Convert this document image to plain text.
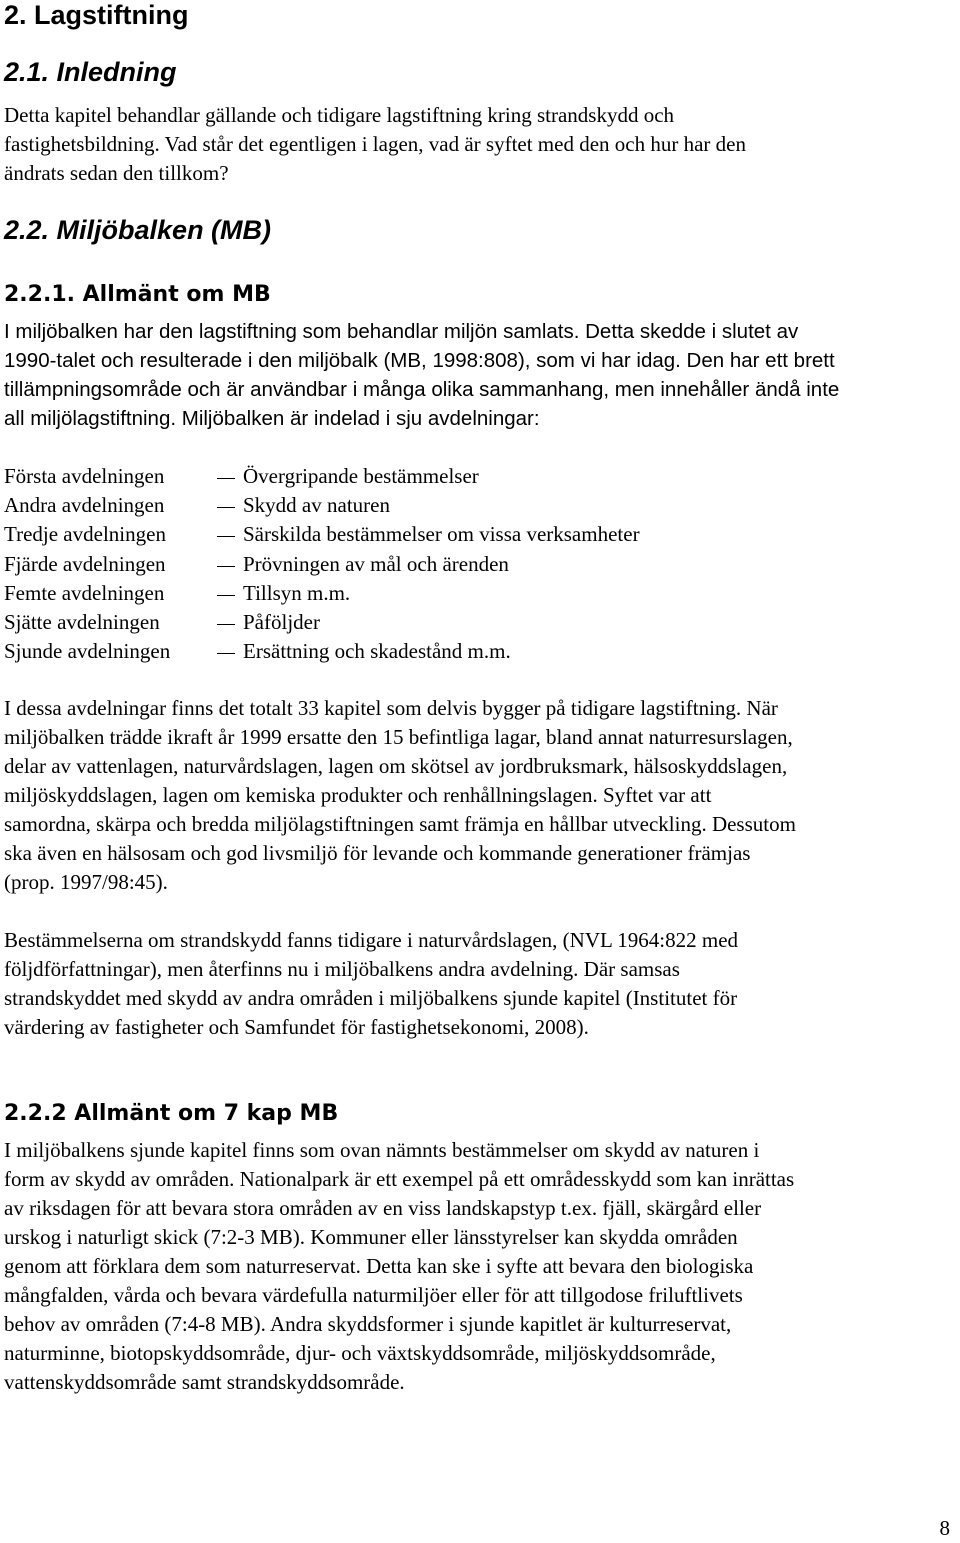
2. Lagstiftning
2.1. Inledning

Detta kapitel behandlar gällande och tidigare lagstiftning kring strandskydd och
fastighetsbildning. Vad står det egentligen i lagen, vad är syftet med den och hur har den
ändrats sedan den tillkom?

2.2. Miljöbalken (MB)
2.2.1. Allmänt om MB

I miljöbalken har den lagstiftning som behandlar miljön samlats. Detta skedde i slutet av
1990-talet och resulterade i den miljöbalk (MB, 1998:808), som vi har idag. Den har ett brett
tillämpningsområde och är användbar i många olika sammanhang, men innehåller ändå inte
all miljölagstiftning. Miljöbalken är indelad i sju avdelningar:

Första avdelningen	Övergripande bestämmelser
Andra avdelningen	Skydd av naturen
Tredje avdelningen	Särskilda bestämmelser om vissa verksamheter
Fjärde avdelningen	Prövningen av mål och ärenden
Femte avdelningen	Tillsyn m.m.
Sjätte avdelningen	Påföljder
Sjunde avdelningen	Ersättning och skadestånd m.m.

I dessa avdelningar finns det totalt 33 kapitel som delvis bygger på tidigare lagstiftning. När
miljöbalken trädde ikraft år 1999 ersatte den 15 befintliga lagar, bland annat naturresurslagen,
delar av vattenlagen, naturvårdslagen, lagen om skötsel av jordbruksmark, hälsoskyddslagen,
miljöskyddslagen, lagen om kemiska produkter och renhållningslagen. Syftet var att
samordna, skärpa och bredda miljölagstiftningen samt främja en hållbar utveckling. Dessutom
ska även en hälsosam och god livsmiljö för levande och kommande generationer främjas
(prop. 1997/98:45).

Bestämmelserna om strandskydd fanns tidigare i naturvårdslagen, (NVL 1964:822 med
följdförfattningar), men återfinns nu i miljöbalkens andra avdelning. Där samsas
strandskyddet med skydd av andra områden i miljöbalkens sjunde kapitel (Institutet för
värdering av fastigheter och Samfundet för fastighetsekonomi, 2008).

2.2.2 Allmänt om 7 kap MB

I miljöbalkens sjunde kapitel finns som ovan nämnts bestämmelser om skydd av naturen i
form av skydd av områden. Nationalpark är ett exempel på ett områdesskydd som kan inrättas
av riksdagen för att bevara stora områden av en viss landskapstyp t.ex. fjäll, skärgård eller
urskog i naturligt skick (7:2-3 MB). Kommuner eller länsstyrelser kan skydda områden
genom att förklara dem som naturreservat. Detta kan ske i syfte att bevara den biologiska
mångfalden, vårda och bevara värdefulla naturmiljöer eller för att tillgodose friluftlivets
behov av områden (7:4-8 MB). Andra skyddsformer i sjunde kapitlet är kulturreservat,
naturminne, biotopskyddsområde, djur- och växtskyddsområde, miljöskyddsområde,
vattenskyddsområde samt strandskyddsområde.

8
